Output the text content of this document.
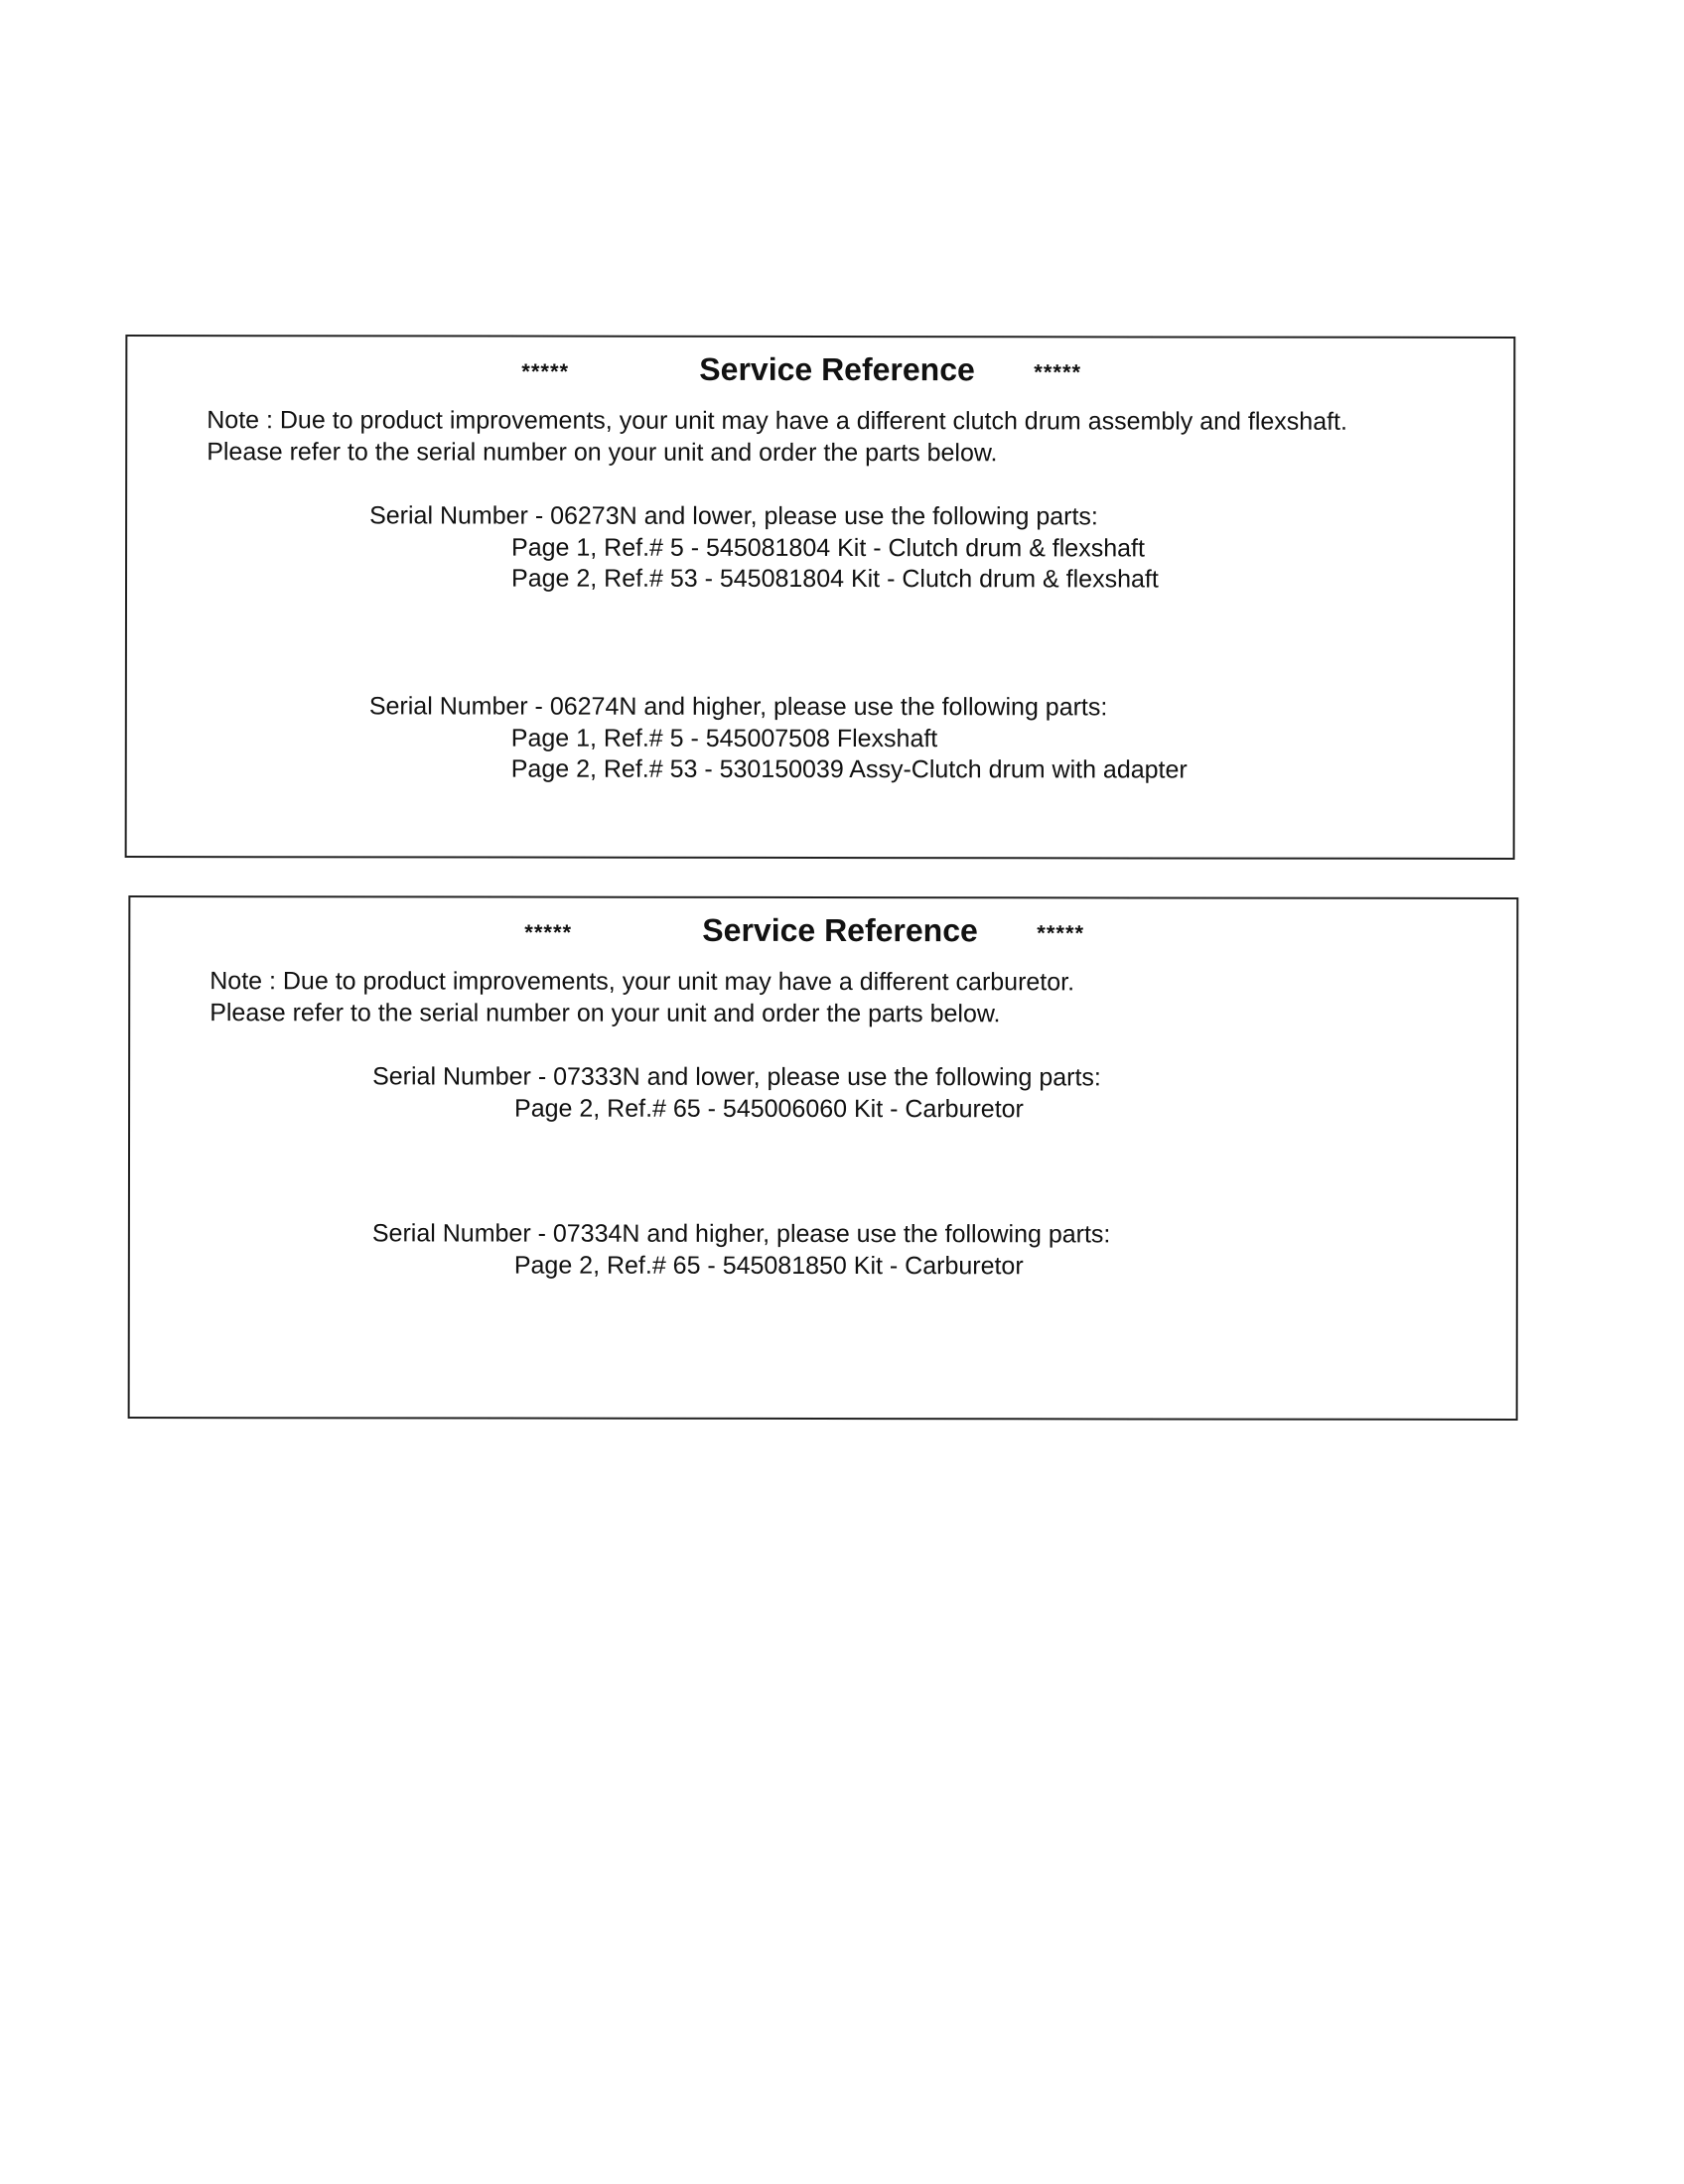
*****	Service Reference	*****
Note : Due to product improvements, your unit may have a different clutch drum assembly and flexshaft.
Please refer to the serial number on your unit and order the parts below.
Serial Number - 06273N and lower, please use the following parts:
Page 1, Ref.# 5 - 545081804 Kit - Clutch drum & flexshaft
Page 2, Ref.# 53 - 545081804 Kit - Clutch drum & flexshaft
Serial Number - 06274N and higher, please use the following parts:
Page 1, Ref.# 5 - 545007508 Flexshaft
Page 2, Ref.# 53 - 530150039 Assy-Clutch drum with adapter
*****	Service Reference	*****
Note : Due to product improvements, your unit may have a different carburetor.
Please refer to the serial number on your unit and order the parts below.
Serial Number - 07333N and lower, please use the following parts:
Page 2, Ref.# 65 - 545006060 Kit - Carburetor
Serial Number - 07334N and higher, please use the following parts:
Page 2, Ref.# 65 - 545081850 Kit - Carburetor
